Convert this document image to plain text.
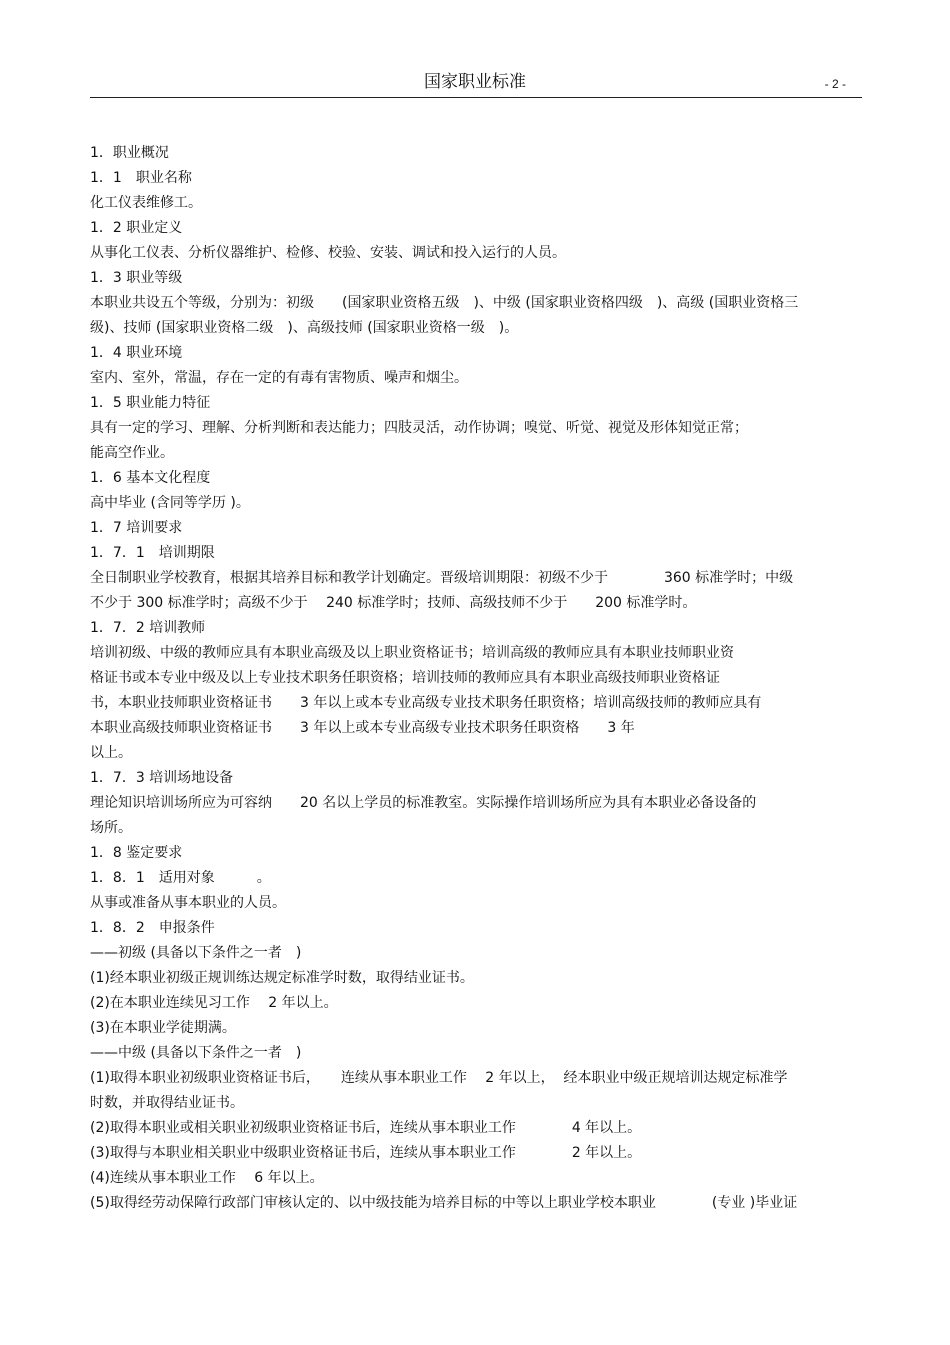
国家职业标准	- 2 -
1．职业概况
1．1　职业名称
化工仪表维修工。
1．2 职业定义
从事化工仪表、分析仪器维护、检修、校验、安装、调试和投入运行的人员。
1．3 职业等级
本职业共设五个等级，分别为：初级　　(国家职业资格五级　)、中级 (国家职业资格四级　)、高级 (国职业资格三
级)、技师 (国家职业资格二级　)、高级技师 (国家职业资格一级　)。
1．4 职业环境
室内、室外，常温，存在一定的有毒有害物质、噪声和烟尘。
1．5 职业能力特征
具有一定的学习、理解、分析判断和表达能力；四肢灵活，动作协调；嗅觉、听觉、视觉及形体知觉正常；
能高空作业。
1．6 基本文化程度
高中毕业 (含同等学历 )。
1．7 培训要求
1．7．1　培训期限
全日制职业学校教育，根据其培养目标和教学计划确定。晋级培训期限：初级不少于　　　　360 标准学时；中级
不少于 300 标准学时；高级不少于　 240 标准学时；技师、高级技师不少于　　200 标准学时。
1．7．2 培训教师
培训初级、中级的教师应具有本职业高级及以上职业资格证书；培训高级的教师应具有本职业技师职业资
格证书或本专业中级及以上专业技术职务任职资格；培训技师的教师应具有本职业高级技师职业资格证
书，本职业技师职业资格证书　　3 年以上或本专业高级专业技术职务任职资格；培训高级技师的教师应具有
本职业高级技师职业资格证书　　3 年以上或本专业高级专业技术职务任职资格　　3 年
以上。
1．7．3 培训场地设备
理论知识培训场所应为可容纳　　20 名以上学员的标准教室。实际操作培训场所应为具有本职业必备设备的
场所。
1．8 鉴定要求
1．8．1　适用对象　　　。
从事或准备从事本职业的人员。
1．8．2　申报条件
——初级 (具备以下条件之一者　)
(1)经本职业初级正规训练达规定标准学时数，取得结业证书。
(2)在本职业连续见习工作　 2 年以上。
(3)在本职业学徒期满。
——中级 (具备以下条件之一者　)
(1)取得本职业初级职业资格证书后，　　连续从事本职业工作　 2 年以上，  经本职业中级正规培训达规定标准学
时数，并取得结业证书。
(2)取得本职业或相关职业初级职业资格证书后，连续从事本职业工作　　　　4 年以上。
(3)取得与本职业相关职业中级职业资格证书后，连续从事本职业工作　　　　2 年以上。
(4)连续从事本职业工作　 6 年以上。
(5)取得经劳动保障行政部门审核认定的、以中级技能为培养目标的中等以上职业学校本职业　　　　(专业 )毕业证
